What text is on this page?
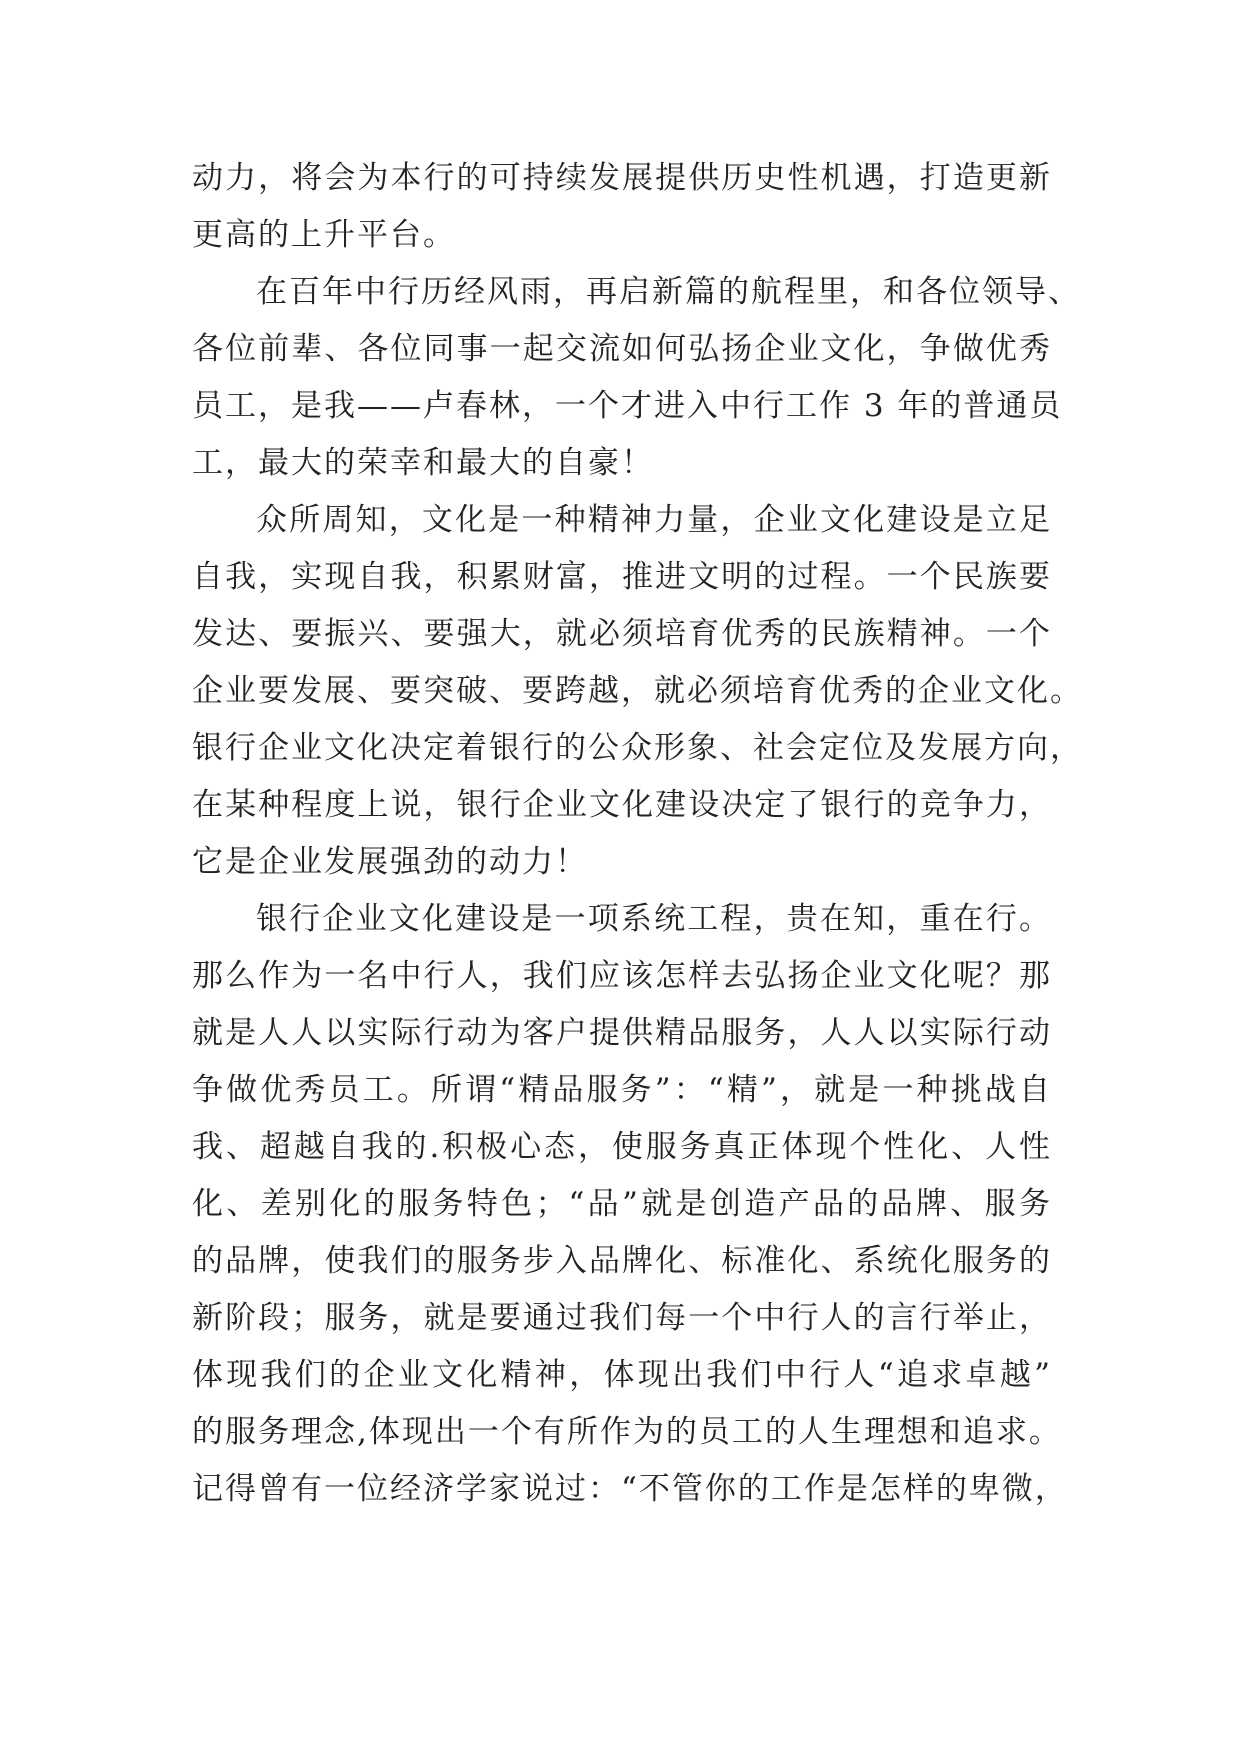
动力，将会为本行的可持续发展提供历史性机遇，打造更新
更高的上升平台。
在百年中行历经风雨，再启新篇的航程里，和各位领导、
各位前辈、各位同事一起交流如何弘扬企业文化，争做优秀
员工，是我——卢春林，一个才进入中行工作 3 年的普通员
工，最大的荣幸和最大的自豪！
众所周知，文化是一种精神力量，企业文化建设是立足
自我，实现自我，积累财富，推进文明的过程。一个民族要
发达、要振兴、要强大，就必须培育优秀的民族精神。一个
企业要发展、要突破、要跨越，就必须培育优秀的企业文化。
银行企业文化决定着银行的公众形象、社会定位及发展方向，
在某种程度上说，银行企业文化建设决定了银行的竞争力，
它是企业发展强劲的动力！
银行企业文化建设是一项系统工程，贵在知，重在行。
那么作为一名中行人，我们应该怎样去弘扬企业文化呢？那
就是人人以实际行动为客户提供精品服务，人人以实际行动
争做优秀员工。所谓“精品服务”：“精”，就是一种挑战自
我、超越自我的.积极心态，使服务真正体现个性化、人性
化、差别化的服务特色；“品”就是创造产品的品牌、服务
的品牌，使我们的服务步入品牌化、标准化、系统化服务的
新阶段；服务，就是要通过我们每一个中行人的言行举止，
体现我们的企业文化精神，体现出我们中行人“追求卓越”
的服务理念,体现出一个有所作为的员工的人生理想和追求。
记得曾有一位经济学家说过：“不管你的工作是怎样的卑微，
